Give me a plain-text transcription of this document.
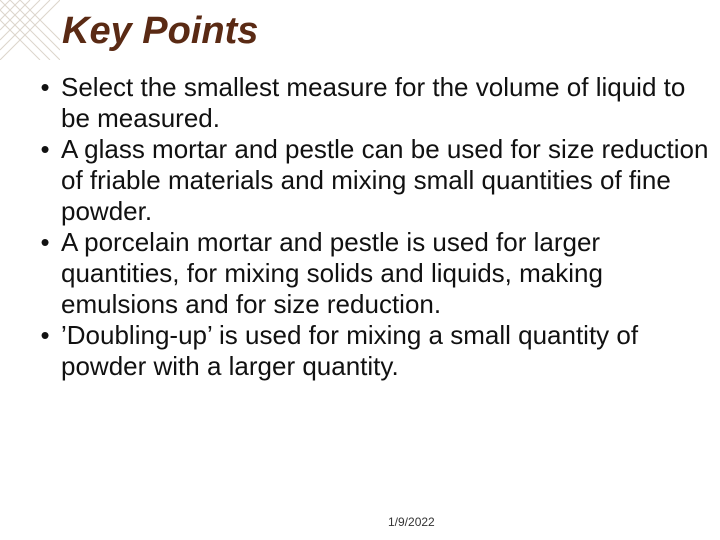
Key Points
• Select the smallest measure for the volume of liquid to be measured.
• A glass mortar and pestle can be used for size reduction of friable materials and mixing small quantities of fine powder.
• A porcelain mortar and pestle is used for larger quantities, for mixing solids and liquids, making emulsions and for size reduction.
• ’Doubling-up’ is used for mixing a small quantity of powder with a larger quantity.
1/9/2022
